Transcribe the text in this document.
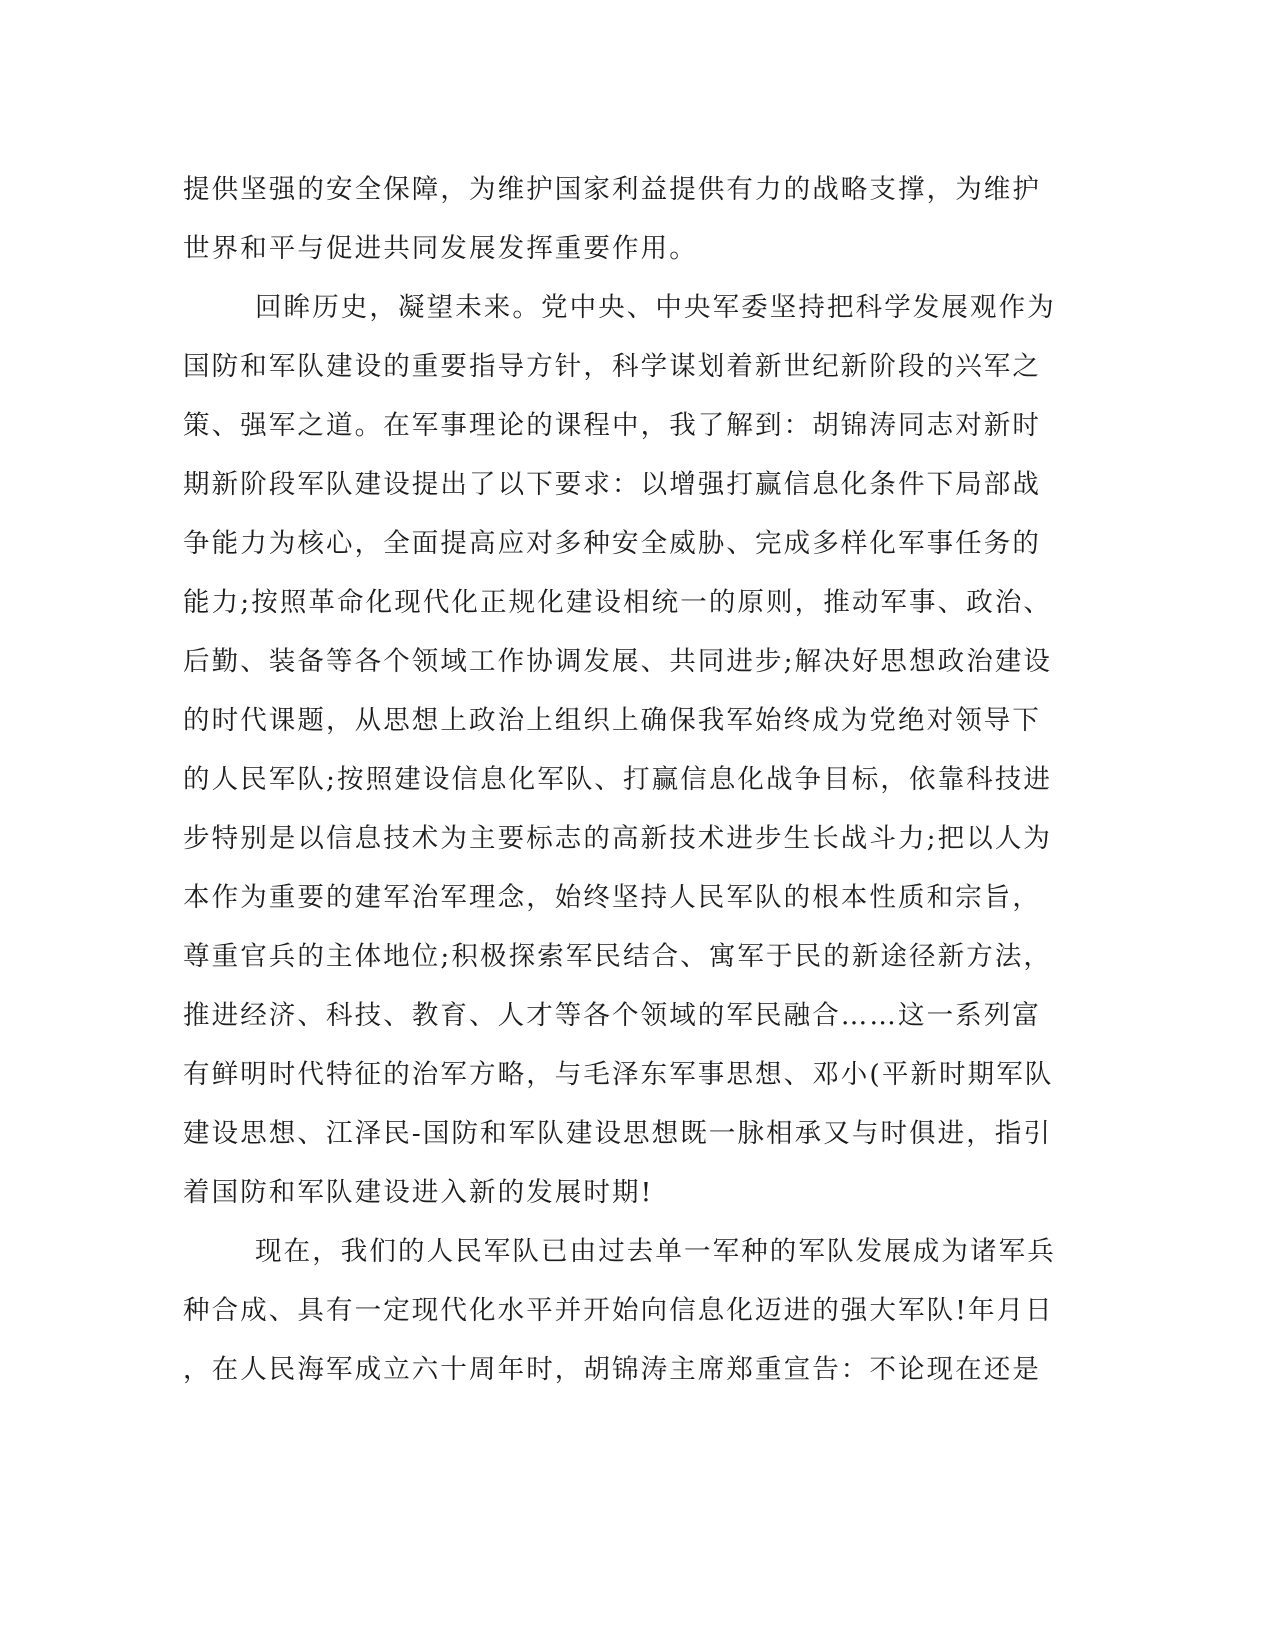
提供坚强的安全保障，为维护国家利益提供有力的战略支撑，为维护
世界和平与促进共同发展发挥重要作用。
回眸历史，凝望未来。党中央、中央军委坚持把科学发展观作为
国防和军队建设的重要指导方针，科学谋划着新世纪新阶段的兴军之
策、强军之道。在军事理论的课程中，我了解到：胡锦涛同志对新时
期新阶段军队建设提出了以下要求：以增强打赢信息化条件下局部战
争能力为核心，全面提高应对多种安全威胁、完成多样化军事任务的
能力;按照革命化现代化正规化建设相统一的原则，推动军事、政治、
后勤、装备等各个领域工作协调发展、共同进步;解决好思想政治建设
的时代课题，从思想上政治上组织上确保我军始终成为党绝对领导下
的人民军队;按照建设信息化军队、打赢信息化战争目标，依靠科技进
步特别是以信息技术为主要标志的高新技术进步生长战斗力;把以人为
本作为重要的建军治军理念，始终坚持人民军队的根本性质和宗旨，
尊重官兵的主体地位;积极探索军民结合、寓军于民的新途径新方法，
推进经济、科技、教育、人才等各个领域的军民融合……这一系列富
有鲜明时代特征的治军方略，与毛泽东军事思想、邓小(平新时期军队
建设思想、江泽民-国防和军队建设思想既一脉相承又与时俱进，指引
着国防和军队建设进入新的发展时期!
现在，我们的人民军队已由过去单一军种的军队发展成为诸军兵
种合成、具有一定现代化水平并开始向信息化迈进的强大军队!年月日
，在人民海军成立六十周年时，胡锦涛主席郑重宣告：不论现在还是
